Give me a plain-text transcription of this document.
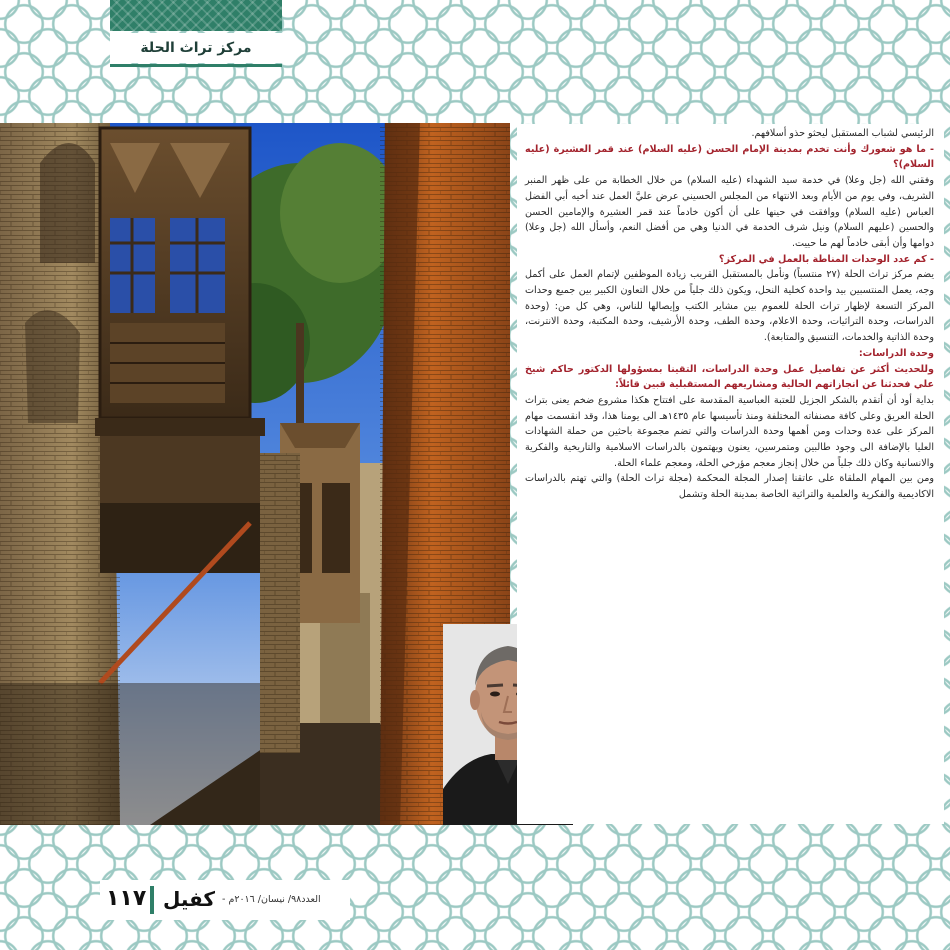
مركز تراث الحلة

الرئيسي لشباب المستقبل ليحثو حذو أسلافهم.

- ما هو شعورك وأنت تخدم بمدينة الإمام الحسن (عليه السلام) عند قمر العشيرة (عليه السلام)؟

وفقني الله (جل وعلا) في خدمة سيد الشهداء (عليه السلام) من خلال الخطابة من على ظهر المنبر الشريف، وفي يوم من الأيام وبعد الانتهاء من المجلس الحسيني عرض عليَّ العمل عند أخيه أبي الفضل العباس (عليه السلام) ووافقت في حينها على أن أكون خادماً عند قمر العشيرة والإمامين الحسن والحسين (عليهم السلام) ونيل شرف الخدمة في الدنيا وهي من أفضل النعم، وأسأل الله (جل وعلا) دوامها وأن أبقى خادماً لهم ما حييت.

- كم عدد الوحدات المناطة بالعمل في المركز؟

يضم مركز تراث الحلة (٢٧ منتسباً) ونأمل بالمستقبل القريب زيادة الموظفين لإتمام العمل على أكمل وجه، يعمل المنتسبين بيد واحدة كخلية النحل، ويكون ذلك جلياً من خلال التعاون الكبير بين جميع وحدات المركز التسعة لإظهار تراث الحلة للعموم بين مشاير الكتب وإيصالها للناس، وهي كل من: (وحدة الدراسات، وحدة التراثيات، وحدة الاعلام، وحدة الطف، وحدة الأرشيف، وحدة المكتبة، وحدة الانترنت، وحدة الذاتية والخدمات، التنسيق والمتابعة).

وحدة الدراسات:

وللحديث أكثر عن تفاصيل عمل وحدة الدراسات، التقينا بمسؤولها الدكتور حاكم شيخ علي فحدثنا عن انجازاتهم الحالية ومشاريعهم المستقبلية قبين قائلاً:

بداية أود أن أتقدم بالشكر الجزيل للعتبة العباسية المقدسة على افتتاح هكذا مشروع ضخم يعنى بتراث الحلة العريق وعلى كافة مصنفاته المختلفة ومنذ تأسيسها عام ١٤٣٥هـ الى يومنا هذا، وقد انقسمت مهام المركز على عدة وحدات ومن أهمها وحدة الدراسات والتي تضم مجموعة باحثين من حملة الشهادات العليا بالإضافة الى وجود طالبين ومتمرسين، يعنون ويهتمون بالدراسات الاسلامية والتاريخية والفكرية والانسانية وكان ذلك جلياً من خلال إنجاز معجم مؤرخي الحلة، ومعجم علماء الحلة.

ومن بين المهام الملقاة على عاتقنا إصدار المجلة المحكمة (مجلة تراث الحلة) والتي تهتم بالدراسات الاكاديمية والفكرية والعلمية والتراثية الخاصة بمدينة الحلة وتشمل

١١٧ كفيل العدد٩٨/ نيسان/ ٢٠١٦م -
